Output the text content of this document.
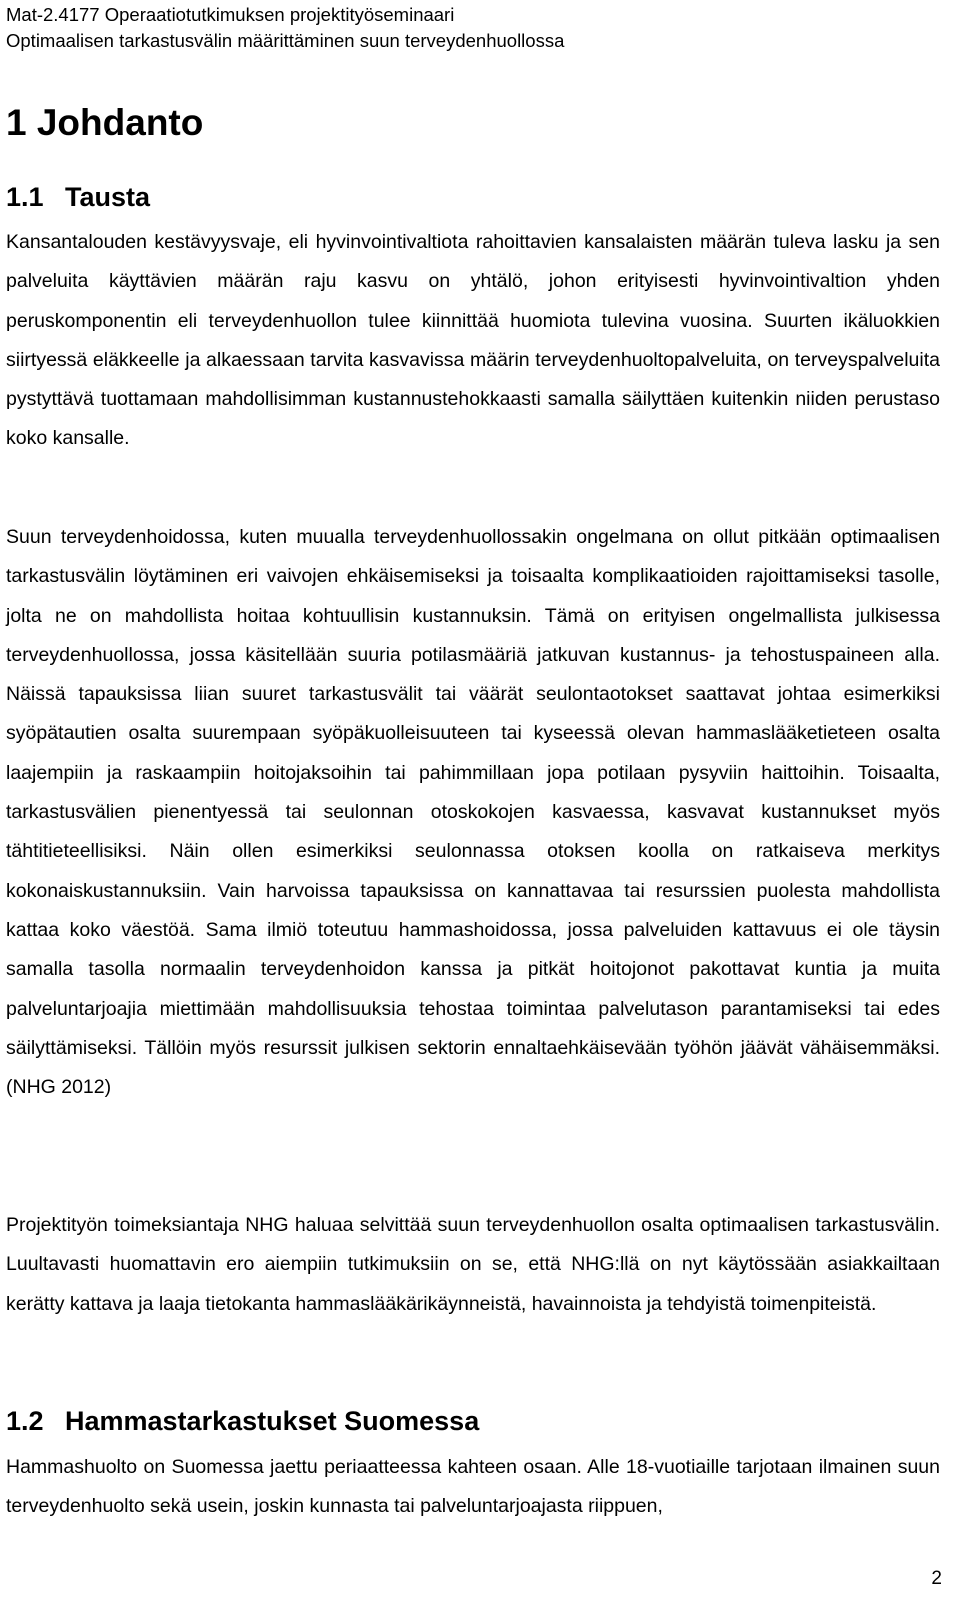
Mat-2.4177 Operaatiotutkimuksen projektityöseminaari
Optimaalisen tarkastusvälin määrittäminen suun terveydenhuollossa
1 Johdanto
1.1 Tausta

Kansantalouden kestävyysvaje, eli hyvinvointivaltiota rahoittavien kansalaisten määrän tuleva lasku ja sen palveluita käyttävien määrän raju kasvu on yhtälö, johon erityisesti hyvinvointivaltion yhden peruskomponentin eli terveydenhuollon tulee kiinnittää huomiota tulevina vuosina. Suurten ikäluokkien siirtyessä eläkkeelle ja alkaessaan tarvita kasvavissa määrin terveydenhuoltopalveluita, on terveyspalveluita pystyttävä tuottamaan mahdollisimman kustannustehokkaasti samalla säilyttäen kuitenkin niiden perustaso koko kansalle.

Suun terveydenhoidossa, kuten muualla terveydenhuollossakin ongelmana on ollut pitkään optimaalisen tarkastusvälin löytäminen eri vaivojen ehkäisemiseksi ja toisaalta komplikaatioiden rajoittamiseksi tasolle, jolta ne on mahdollista hoitaa kohtuullisin kustannuksin. Tämä on erityisen ongelmallista julkisessa terveydenhuollossa, jossa käsitellään suuria potilasmääriä jatkuvan kustannus- ja tehostuspaineen alla. Näissä tapauksissa liian suuret tarkastusvälit tai väärät seulontaotokset saattavat johtaa esimerkiksi syöpätautien osalta suurempaan syöpäkuolleisuuteen tai kyseessä olevan hammaslääketieteen osalta laajempiin ja raskaampiin hoitojaksoihin tai pahimmillaan jopa potilaan pysyviin haittoihin. Toisaalta, tarkastusvälien pienentyessä tai seulonnan otoskokojen kasvaessa, kasvavat kustannukset myös tähtitieteellisiksi. Näin ollen esimerkiksi seulonnassa otoksen koolla on ratkaiseva merkitys kokonaiskustannuksiin. Vain harvoissa tapauksissa on kannattavaa tai resurssien puolesta mahdollista kattaa koko väestöä. Sama ilmiö toteutuu hammashoidossa, jossa palveluiden kattavuus ei ole täysin samalla tasolla normaalin terveydenhoidon kanssa ja pitkät hoitojonot pakottavat kuntia ja muita palveluntarjoajia miettimään mahdollisuuksia tehostaa toimintaa palvelutason parantamiseksi tai edes säilyttämiseksi. Tällöin myös resurssit julkisen sektorin ennaltaehkäisevään työhön jäävät vähäisemmäksi. (NHG 2012)

Projektityön toimeksiantaja NHG haluaa selvittää suun terveydenhuollon osalta optimaalisen tarkastusvälin. Luultavasti huomattavin ero aiempiin tutkimuksiin on se, että NHG:llä on nyt käytössään asiakkailtaan kerätty kattava ja laaja tietokanta hammaslääkärikäynneistä, havainnoista ja tehdyistä toimenpiteistä.

1.2 Hammastarkastukset Suomessa

Hammashuolto on Suomessa jaettu periaatteessa kahteen osaan. Alle 18-vuotiaille tarjotaan ilmainen suun terveydenhuolto sekä usein, joskin kunnasta tai palveluntarjoajasta riippuen,

2
